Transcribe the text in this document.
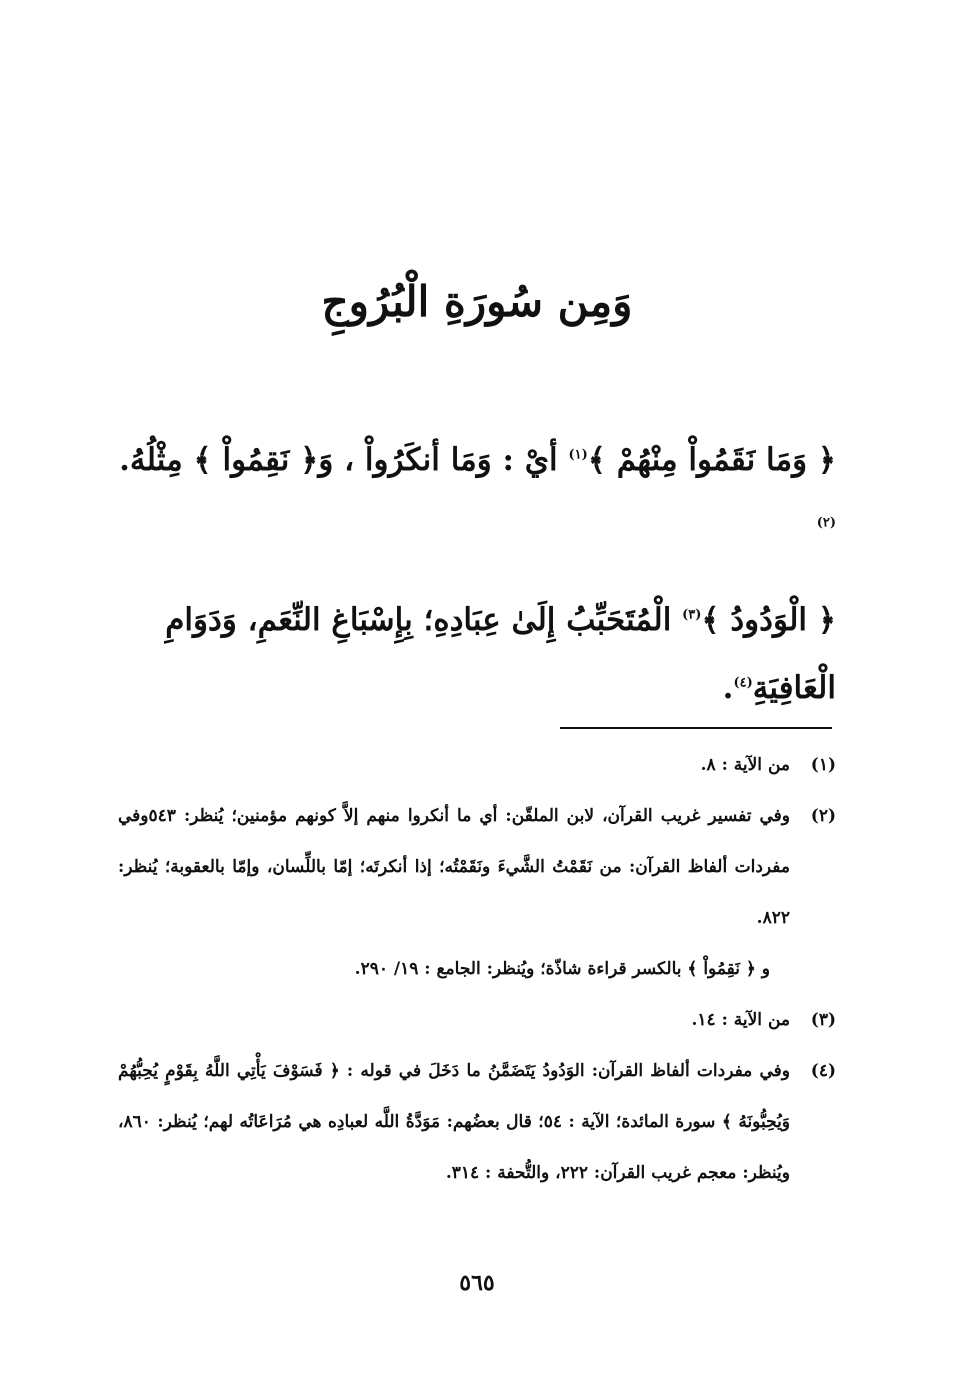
وَمِن سُورَةِ الْبُرُوجِ
﴿ وَمَا نَقَمُواْ مِنْهُمْ ﴾$^{(١)}$ أيْ : وَمَا أنكَرُواْ ، وَ﴿ نَقِمُواْ ﴾ مِثْلُهُ.$^{(٢)}$
﴿ الْوَدُودُ ﴾$^{(٣)}$ الْمُتَحَبِّبُ إِلَىٰ عِبَادِهِ؛ بِإِسْبَاغِ النِّعَمِ، وَدَوَامِ الْعَافِيَةِ$^{(٤)}$.
(١)
من الآية : ٨.
(٢)
وفي تفسير غريب القرآن، لابن الملقّن: أي ما أنكروا منهم إلاَّ كونهم مؤمنين؛ يُنظر: ٥٤٣وفي مفردات ألفاظ القرآن: من نَقَمْتُ الشَّيءَ ونَقَمْتُه؛ إذا أنكرتَه؛ إمّا باللِّسان، وإمّا بالعقوبة؛ يُنظر: ٨٢٢.
و ﴿ نَقِمُواْ ﴾ بالكسر قراءة شاذّة؛ ويُنظر: الجامع : ١٩/ ٢٩٠.
(٣)
من الآية : ١٤.
(٤)
وفي مفردات ألفاظ القرآن: الوَدُودُ يَتَضَمَّنُ ما دَخَلَ في قوله : ﴿ فَسَوْفَ يَأْتِي اللَّهُ بِقَوْمٍ يُحِبُّهُمْ وَيُحِبُّونَهُ ﴾ سورة المائدة؛ الآية : ٥٤؛ قال بعضُهم: مَوَدَّةُ اللَّه لعبادِه هي مُرَاعَاتُه لهم؛ يُنظر: ٨٦٠، ويُنظر: معجم غريب القرآن: ٢٢٢، والتُّحفة : ٣١٤.
٥٦٥
